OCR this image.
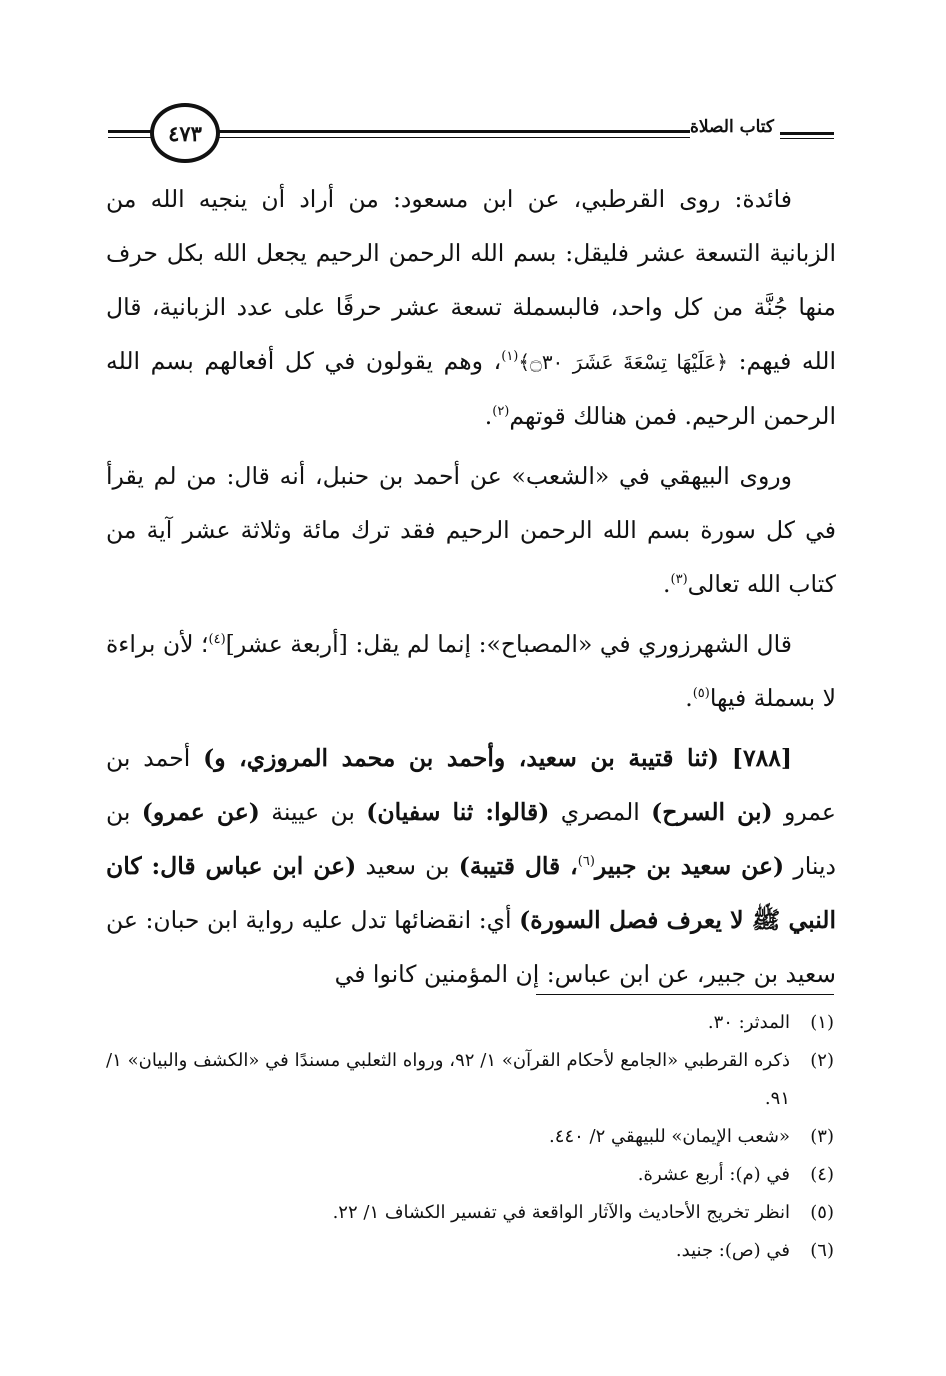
كتاب الصلاة
٤٧٣

فائدة: روى القرطبي، عن ابن مسعود: من أراد أن ينجيه الله من الزبانية التسعة عشر فليقل: بسم الله الرحمن الرحيم يجعل الله بكل حرف منها جُنَّة من كل واحد، فالبسملة تسعة عشر حرفًا على عدد الزبانية، قال الله فيهم: ﴿عَلَيْهَا تِسْعَةَ عَشَرَ ۝٣٠﴾$^{(١)}$، وهم يقولون في كل أفعالهم بسم الله الرحمن الرحيم. فمن هنالك قوتهم$^{(٢)}$.

وروى البيهقي في «الشعب» عن أحمد بن حنبل، أنه قال: من لم يقرأ في كل سورة بسم الله الرحمن الرحيم فقد ترك مائة وثلاثة عشر آية من كتاب الله تعالى$^{(٣)}$.

قال الشهرزوري في «المصباح»: إنما لم يقل: [أربعة عشر]$^{(٤)}$؛ لأن براءة لا بسملة فيها$^{(٥)}$.

[٧٨٨] (ثنا قتيبة بن سعيد، وأحمد بن محمد المروزي، و) أحمد بن عمرو (بن السرح) المصري (قالوا: ثنا سفيان) بن عيينة (عن عمرو) بن دينار (عن سعيد بن جبير$^{(٦)}$، قال قتيبة) بن سعيد (عن ابن عباس قال: كان النبي ﷺ لا يعرف فصل السورة) أي: انقضائها تدل عليه رواية ابن حبان: عن سعيد بن جبير، عن ابن عباس: إن المؤمنين كانوا في

(١)
المدثر: ٣٠.
(٢)
ذكره القرطبي «الجامع لأحكام القرآن» ١/ ٩٢، ورواه الثعلبي مسندًا في «الكشف والبيان» ١/ ٩١.
(٣)
«شعب الإيمان» للبيهقي ٢/ ٤٤٠.
(٤)
في (م): أربع عشرة.
(٥)
انظر تخريج الأحاديث والآثار الواقعة في تفسير الكشاف ١/ ٢٢.
(٦)
في (ص): جنيد.
